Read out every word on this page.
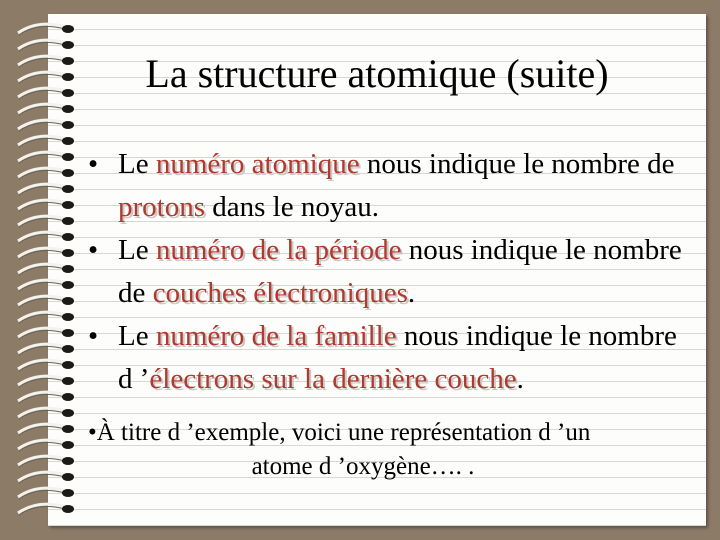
La structure atomique (suite)
• Le numéro atomique nous indique le nombre de protons dans le noyau.
• Le numéro de la période nous indique le nombre de couches électroniques.
• Le numéro de la famille nous indique le nombre d ’électrons sur la dernière couche.
•À titre d ’exemple, voici une représentation d ’un
atome d ’oxygène…. .
